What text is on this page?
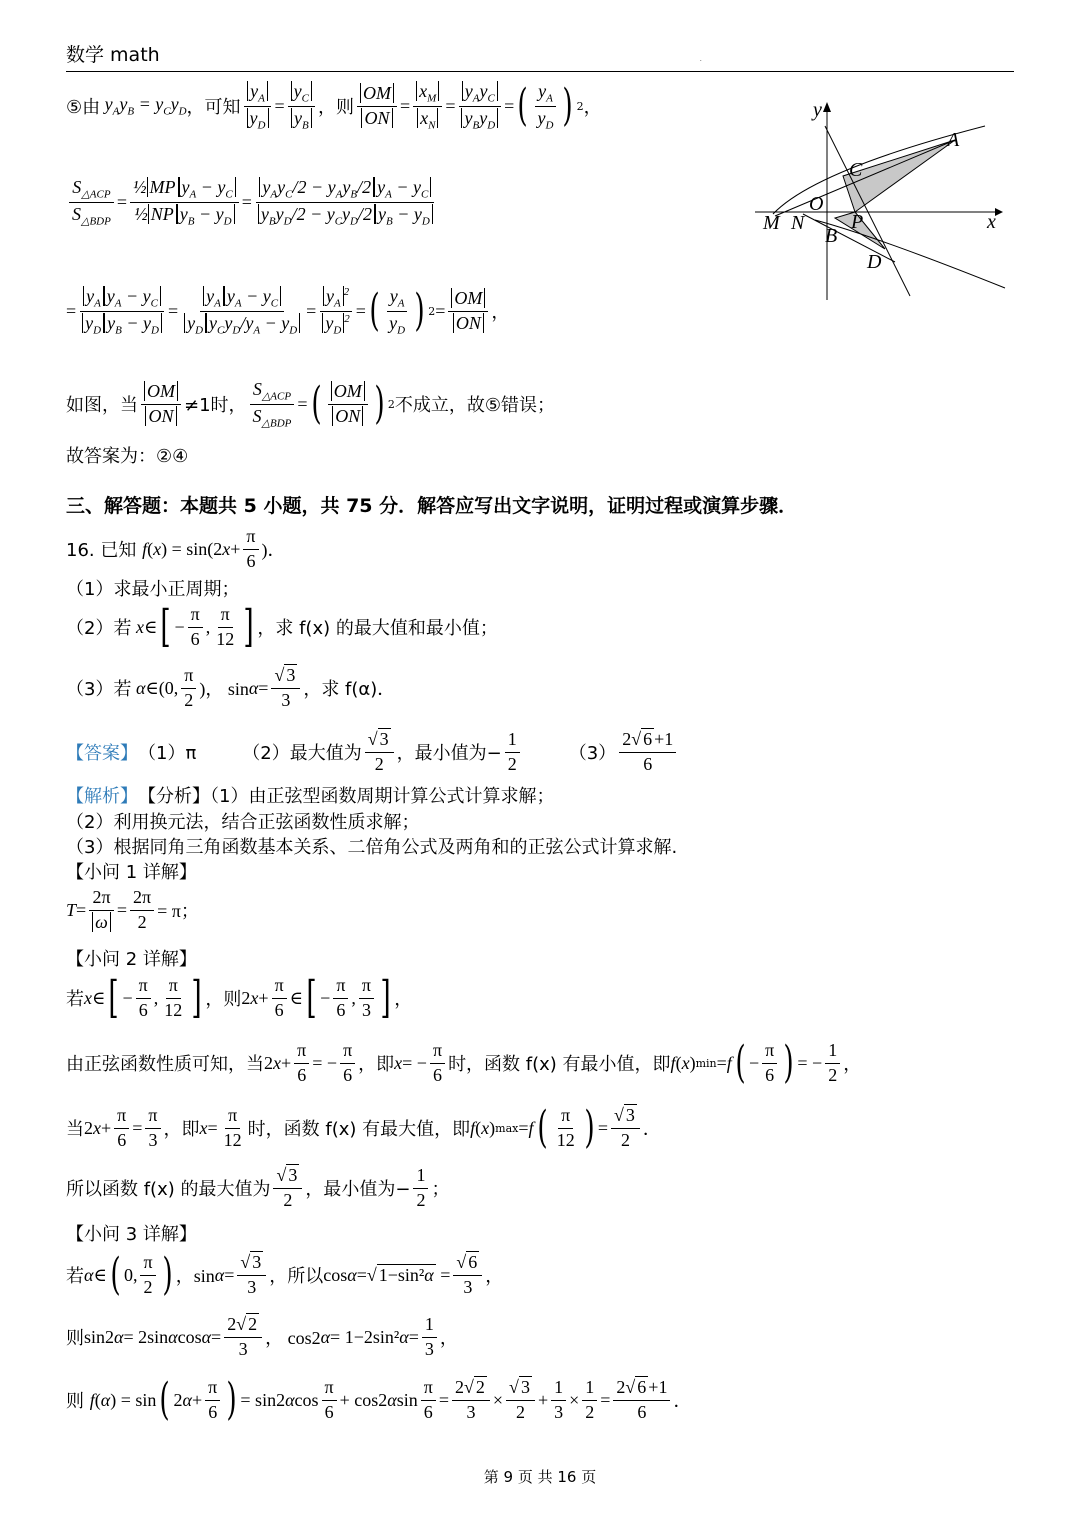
数学 math	.
⑤由 $y_Ay_B = y_Cy_D$ ，可知 $\frac{y_A}{y_D} = \frac{y_C}{y_B}$ ，则 $\frac{OM}{ON} = \frac{x_M}{x_N} = \frac{y_Ay_C}{y_By_D}$ = ( $\frac{y_A}{y_D}$ ) 2 ，
$\frac{S_{\triangle ACP}}{S_{\triangle BDP}} = \frac{\frac{1}{2} MP y_A - y_C}{\frac{1}{2} NP y_B - y_D} = \frac{y_Ay_C/2 - y_Ay_B/2 y_A - y_C}{y_By_D/2 - y_Cy_D/2 y_B - y_D}$
= $\frac{y_A y_A - y_C}{y_D y_B - y_D} = \frac{y_A y_A - y_C}{y_D y_Cy_D/y_A - y_D} = \frac{y_A^2}{y_D^2}$ = ( $\frac{y_A}{y_D}$ ) $2 = \frac{OM}{ON}$ ，
如图，当 $\frac{OM}{ON} \ne 1$时， $\frac{S_{\triangle ACP}}{S_{\triangle BDP}}$ = ( $\frac{OM}{ON}$ ) 2 不成立，故⑤错误；
故答案为：②④
三、解答题：本题共 5 小题，共 75 分．解答应写出文字说明，证明过程或演算步骤．
16. 已知
f ( x ) = sin(2 $x + \frac{\pi}{6}$ )．
（1）求最小正周期；
（2）若 x ∈ [ − $\frac{\pi}{6}$ , $\frac{\pi}{12}$ ] ，求 f(x) 的最大值和最小值；
（3）若 α ∈(0, $\frac{\pi}{2}$ )， $\sin \alpha = \frac{√ 3}{3}$ ，求 f(α)．
【答案】 （1）π	（2）最大值为 $\frac{√ 3}{2}$ ，最小值为− $\frac{1}{2}$	$(3) \frac{2√ 6 +1}{6}$
【解析】 【分析】（1）由正弦型函数周期计算公式计算求解；
（2）利用换元法，结合正弦函数性质求解；
（3）根据同角三角函数基本关系、二倍角公式及两角和的正弦公式计算求解.
【小问 1 详解】
$T = \frac{2\pi}{\omega} = \frac{2\pi}{2} = \pi$；
【小问 2 详解】
若 x ∈ [ − $\frac{\pi}{6}$ , $\frac{\pi}{12}$ ] ，则 2 $x + \frac{\pi}{6}$ ∈ [ − $\frac{\pi}{6}$ , $\frac{\pi}{3}$ ] ，
由正弦函数性质可知，当 2 $x + \frac{\pi}{6}$ = − $\frac{\pi}{6}$ ，即 x = − $\frac{\pi}{6}$ 时，函数 f(x) 有最小值，即 f ( x ) min = f ( − $\frac{\pi}{6}$ ) = − $\frac{1}{2}$ ，
当 2 $x + \frac{\pi}{6} = \frac{\pi}{3}$ ，即 $x = \frac{\pi}{12}$ 时，函数 f(x) 有最大值，即 f ( x ) max = f ( $\frac{\pi}{12}$ ) = $\frac{√ 3}{2}$ ．
所以函数 f(x) 的最大值为 $\frac{√ 3}{2}$ ，最小值为− $\frac{1}{2}$ ；
【小问 3 详解】
若 α ∈ ( 0, $\frac{\pi}{2}$ ) ，$\sin \alpha = \frac{√ 3}{3}$ ，所以 cos α =√ $1-\sin^2\alpha = \frac{√ 6}{3}$ ，
则 sin2 α = 2sin α $\cos \alpha = \frac{2√ 2}{3}$ ， cos2 α = 1−2sin² $\alpha = \frac{1}{3}$ ，
则
f ( α ) = sin ( 2 $\alpha + \frac{\pi}{6}$ ) = sin2 α $\cos \frac{\pi}{6} + \cos 2$ α $\sin \frac{\pi}{6} = \frac{2√ 2}{3} \times \frac{√ 3}{2} + \frac{1}{3} \times \frac{1}{2} = \frac{2√ 6 +1}{6}$ ．
y
x
A
C
O
P
M N
B
D
第 9 页 共 16 页
